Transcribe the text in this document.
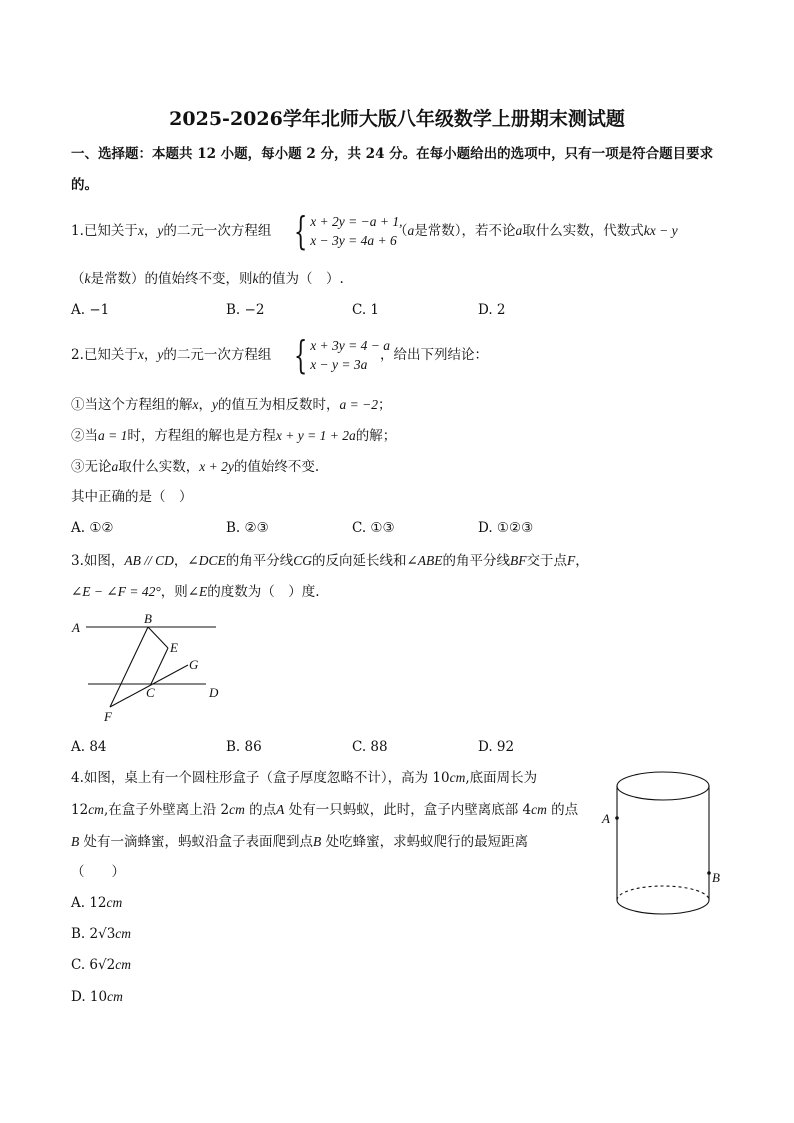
2025-2026学年北师大版八年级数学上册期末测试题
一、选择题：本题共 12 小题，每小题 2 分，共 24 分。在每小题给出的选项中，只有一项是符合题目要求
的。
1.已知关于x，y的二元一次方程组 { x + 2y = −a + 1,
x − 3y = 4a + 6
（a是常数），若不论a取什么实数，代数式kx − y
（k是常数）的值始终不变，则k的值为（　）.
A. −1	B. −2	C. 1	D. 2
2.已知关于x，y的二元一次方程组 { x + 3y = 4 − a
x − y = 3a
，给出下列结论：
①当这个方程组的解x，y的值互为相反数时，a = −2；
②当a = 1时，方程组的解也是方程x + y = 1 + 2a的解；
③无论a取什么实数，x + 2y的值始终不变.
其中正确的是（　）
A. ①②	B. ②③	C. ①③	D. ①②③
3.如图，AB // CD，∠DCE的角平分线CG的反向延长线和∠ABE的角平分线BF交于点F，
∠E − ∠F = 42°，则∠E的度数为（　）度.
A
B
E
G
C	D
F
A
B
A. 84	B. 86	C. 88	D. 92
4.如图，桌上有一个圆柱形盒子（盒子厚度忽略不计），高为 10cm,底面周长为
12cm,在盒子外壁离上沿 2cm 的点A 处有一只蚂蚁，此时，盒子内壁离底部 4cm 的点
B 处有一滴蜂蜜，蚂蚁沿盒子表面爬到点B 处吃蜂蜜，求蚂蚁爬行的最短距离
（　　）
A. 12cm
B. 2√3cm
C. 6√2cm
D. 10cm
